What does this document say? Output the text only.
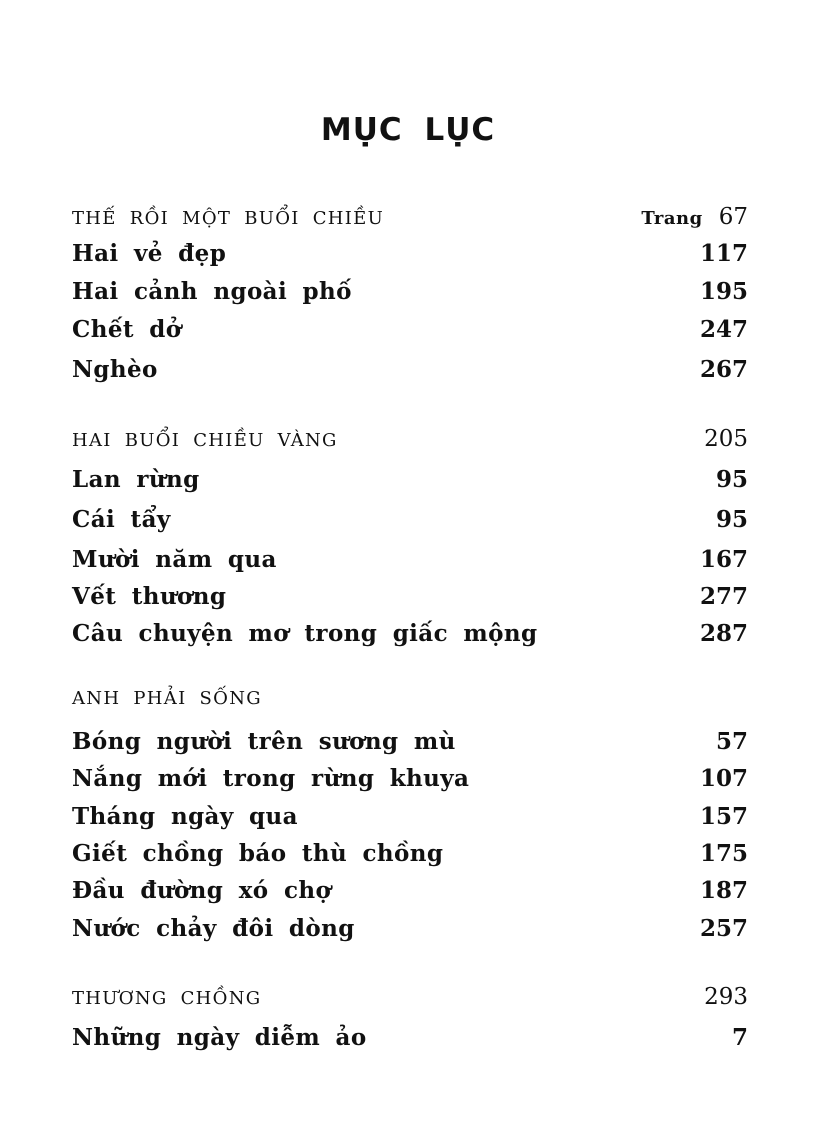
MỤC LỤC
THẾ RỒI MỘT BUỔI CHIỀU	Trang 67
Hai vẻ đẹp	117
Hai cảnh ngoài phố	195
Chết dở	247
Nghèo	267
HAI BUỔI CHIỀU VÀNG	205
Lan rừng	95
Cái tẩy	95
Mười năm qua	167
Vết thương	277
Câu chuyện mơ trong giấc mộng	287
ANH PHẢI SỐNG
Bóng người trên sương mù	57
Nắng mới trong rừng khuya	107
Tháng ngày qua	157
Giết chồng báo thù chồng	175
Đầu đường xó chợ	187
Nước chảy đôi dòng	257
THƯƠNG CHỒNG	293
Những ngày diễm ảo	7
